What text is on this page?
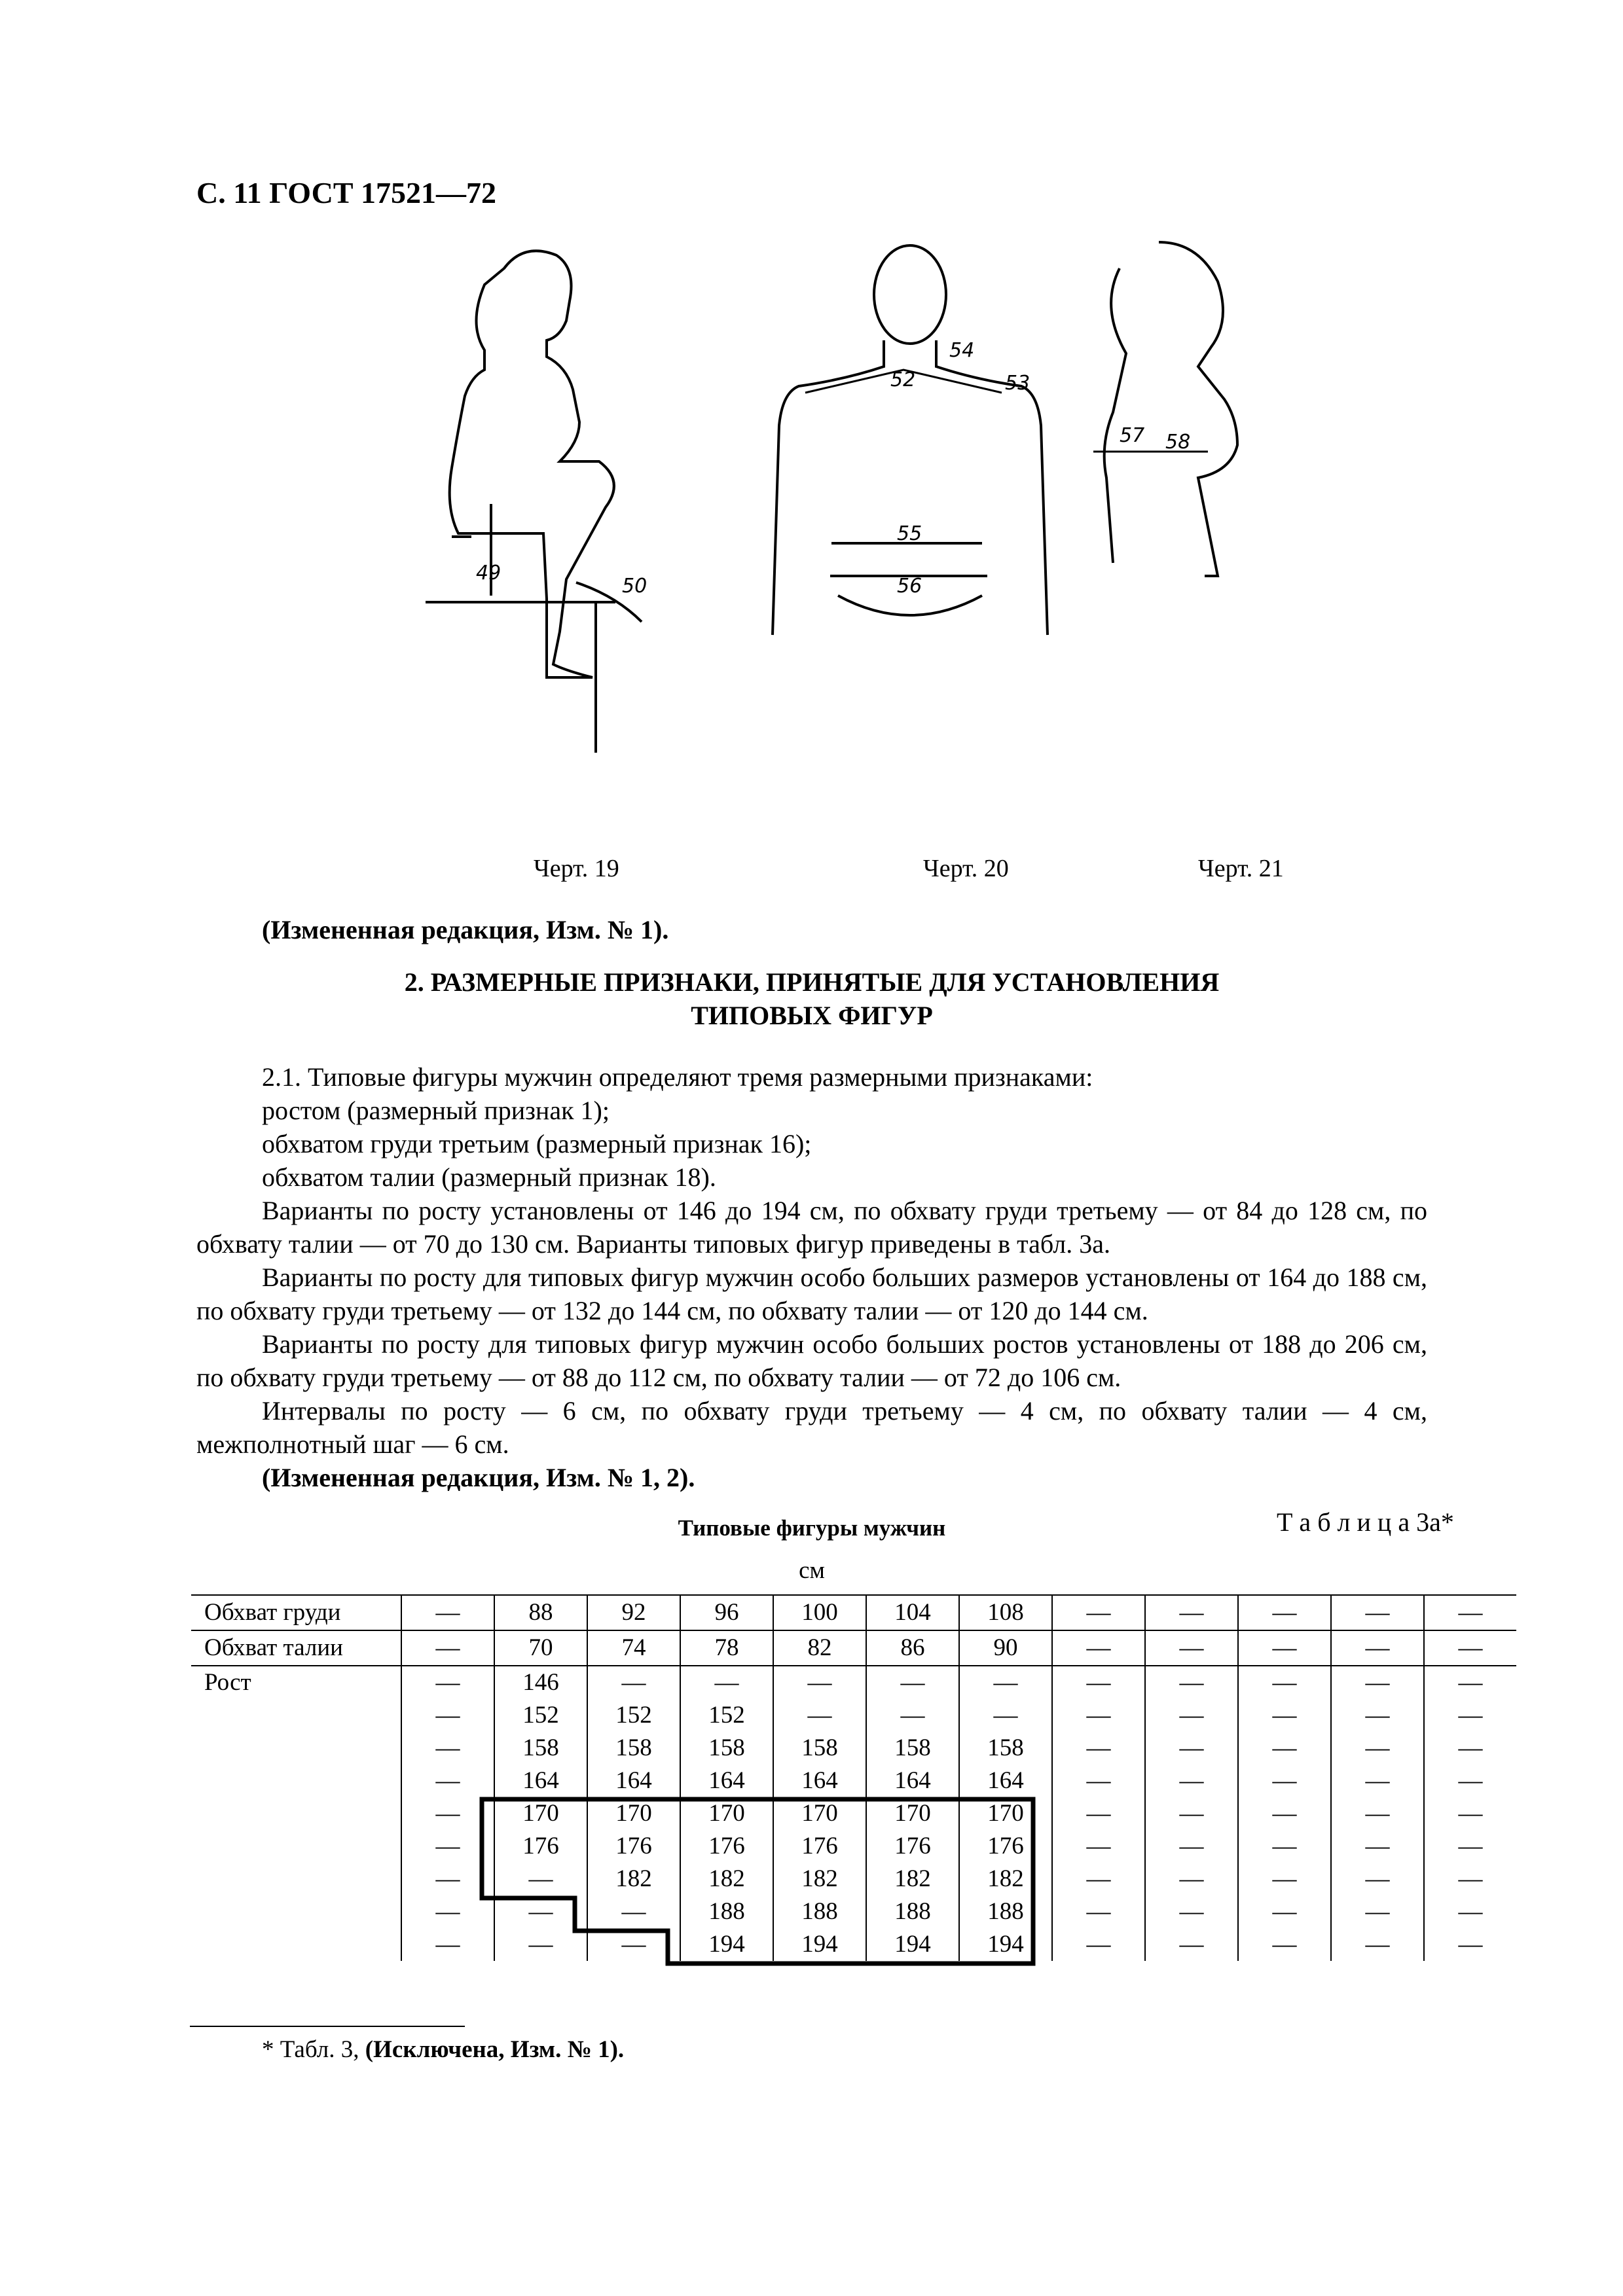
С. 11 ГОСТ 17521—72
49
50
52
54
53
55
56
57 58
Черт. 19	Черт. 20	Черт. 21
(Измененная редакция, Изм. № 1).
2. РАЗМЕРНЫЕ ПРИЗНАКИ, ПРИНЯТЫЕ ДЛЯ УСТАНОВЛЕНИЯ
ТИПОВЫХ ФИГУР
2.1. Типовые фигуры мужчин определяют тремя размерными признаками:
ростом (размерный признак 1);
обхватом груди третьим (размерный признак 16);
обхватом талии (размерный признак 18).
Варианты по росту установлены от 146 до 194 см, по обхвату груди третьему — от 84 до 128 см, по обхвату талии — от 70 до 130 см. Варианты типовых фигур приведены в табл. 3а.
Варианты по росту для типовых фигур мужчин особо больших размеров установлены от 164 до 188 см, по обхвату груди третьему — от 132 до 144 см, по обхвату талии — от 120 до 144 см.
Варианты по росту для типовых фигур мужчин особо больших ростов установлены от 188 до 206 см, по обхвату груди третьему — от 88 до 112 см, по обхвату талии — от 72 до 106 см.
Интервалы по росту — 6 см, по обхвату груди третьему — 4 см, по обхвату талии — 4 см, межполнотный шаг — 6 см.
(Измененная редакция, Изм. № 1, 2).
Т а б л и ц а 3а*
Типовые фигуры мужчин
см
Обхват груди	—	88	92	96	100	104	108	—	—	—	—	—
Обхват талии	—	70	74	78	82	86	90	—	—	—	—	—
Рост	—	146	—	—	—	—	—	—	—	—	—	—
	—	152	152	152	—	—	—	—	—	—	—	—
	—	158	158	158	158	158	158	—	—	—	—	—
	—	164	164	164	164	164	164	—	—	—	—	—
	—	170	170	170	170	170	170	—	—	—	—	—
	—	176	176	176	176	176	176	—	—	—	—	—
	—	—	182	182	182	182	182	—	—	—	—	—
	—	—	—	188	188	188	188	—	—	—	—	—
	—	—	—	194	194	194	194	—	—	—	—	—
* Табл. 3, (Исключена, Изм. № 1).
